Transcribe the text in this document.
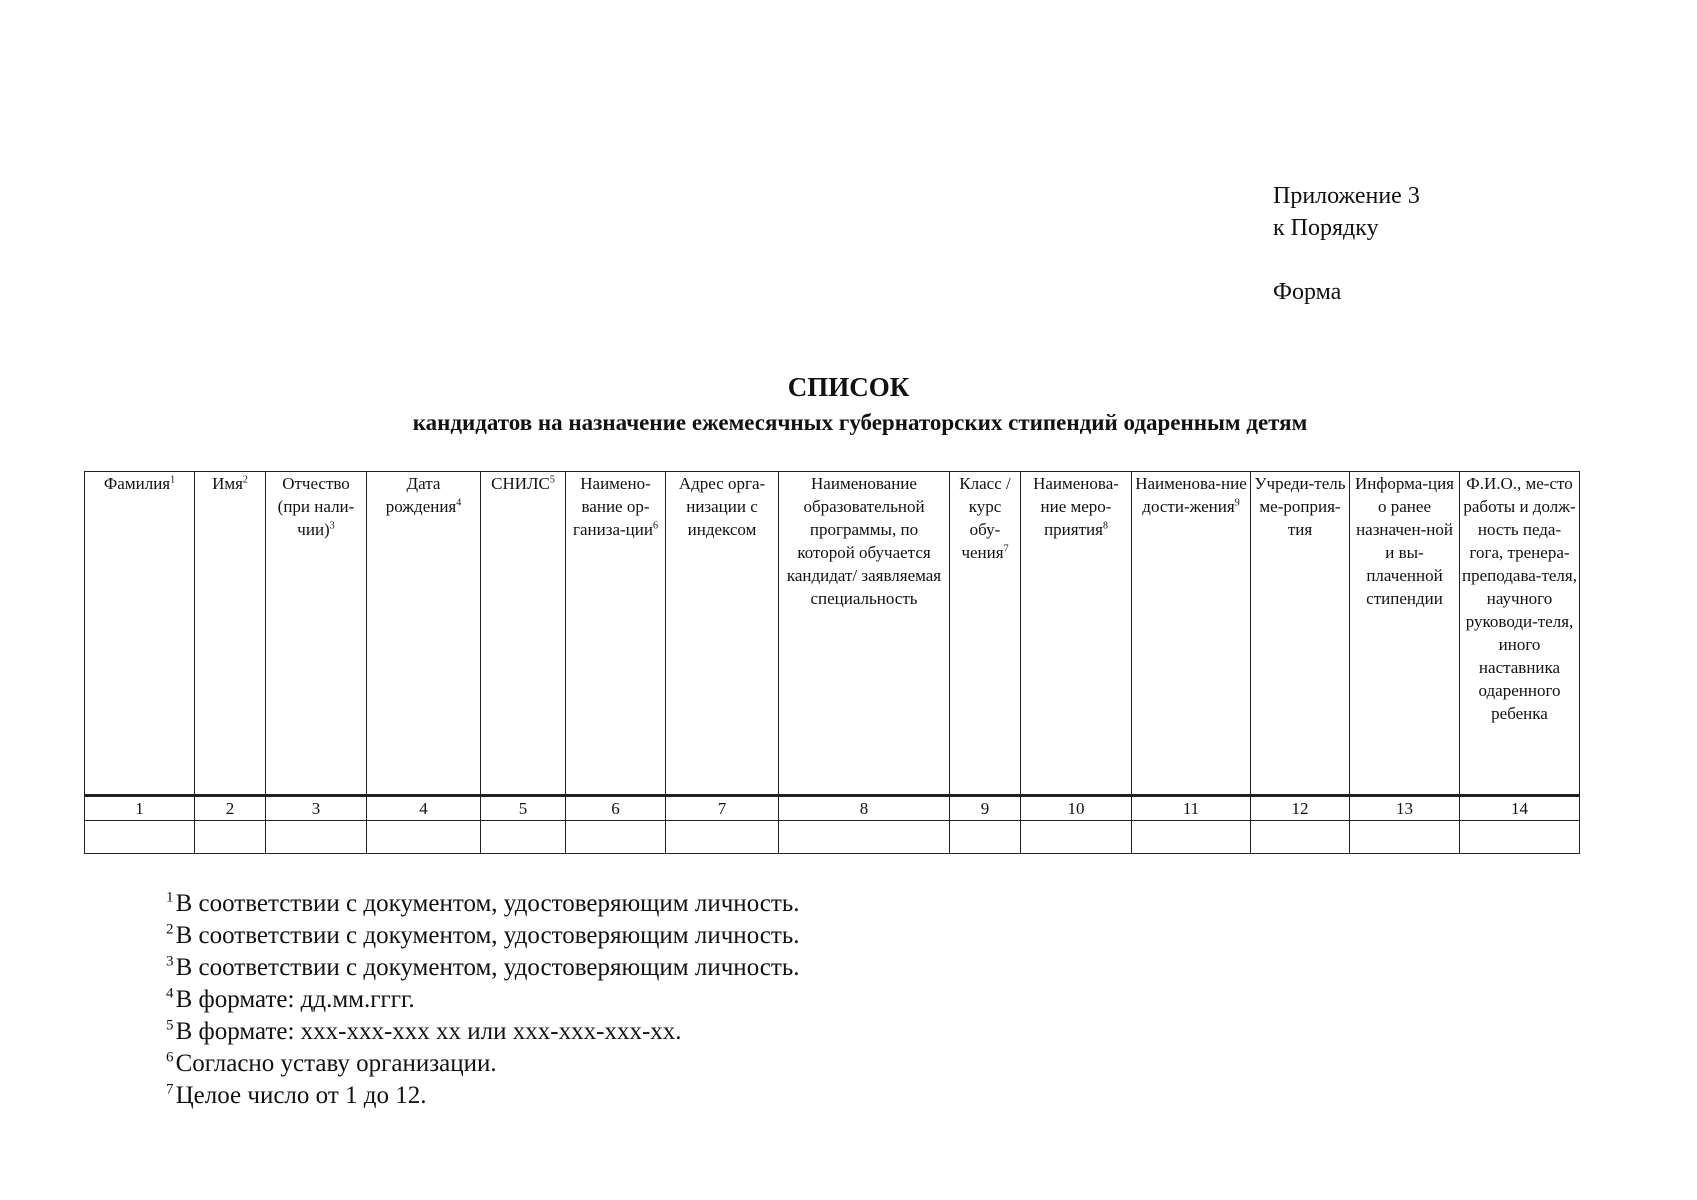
Приложение 3
к Порядку
Форма
СПИСОК
кандидатов на назначение ежемесячных губернаторских стипендий одаренным детям
Фамилия$^1$	Имя$^2$	Отчество (при нали-чии)$^3$	Дата рождения$^4$	СНИЛС$^5$	Наимено-вание ор-ганиза-ции$^6$	Адрес орга-низации с индексом	Наименование образовательной программы, по которой обучается кандидат/ заявляемая специальность	Класс / курс обу-чения$^7$	Наименова-ние меро-приятия$^8$	Наименова-ние дости-жения$^9$	Учреди-тель ме-роприя-тия	Информа-ция о ранее назначен-ной и вы-плаченной стипендии	Ф.И.О., ме-сто работы и долж-ность педа-гога, тренера-преподава-теля, научного руководи-теля, иного наставника одаренного ребенка
1	2	3	4	5	6	7	8	9	10	11	12	13	14

$^1$ В соответствии с документом, удостоверяющим личность.
$^2$ В соответствии с документом, удостоверяющим личность.
$^3$ В соответствии с документом, удостоверяющим личность.
$^4$ В формате: дд.мм.гггг.
$^5$ В формате: ххх-ххх-ххх хх или ххх-ххх-ххх-хх.
$^6$ Согласно уставу организации.
$^7$ Целое число от 1 до 12.
